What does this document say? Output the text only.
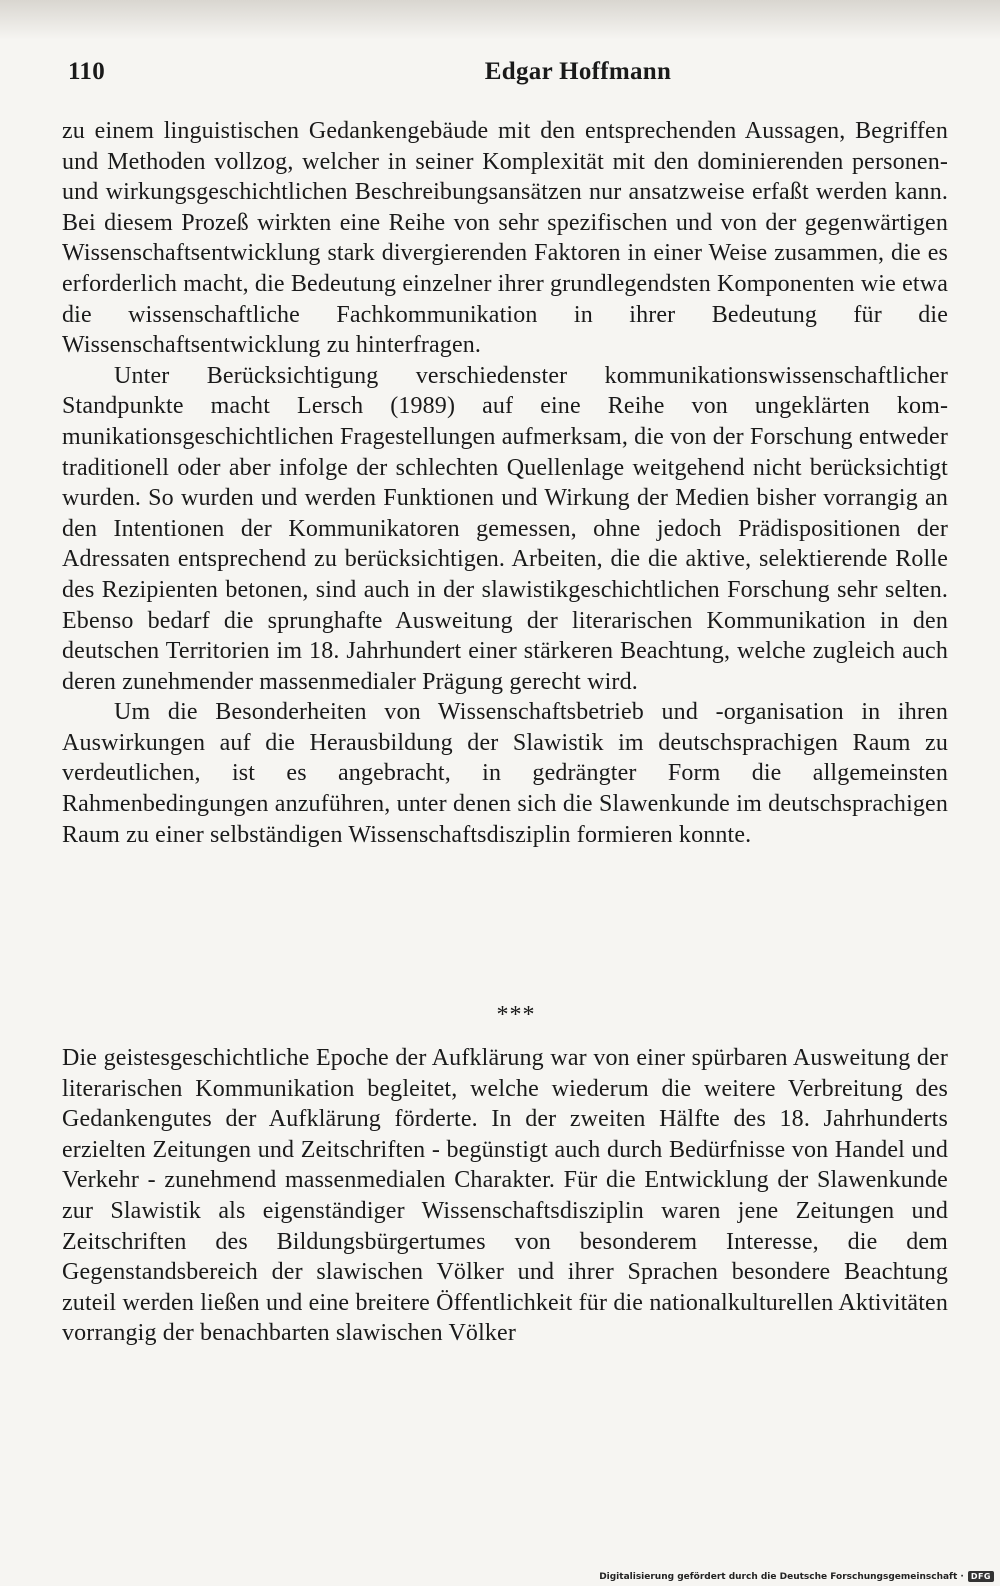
110	Edgar Hoffmann

zu einem linguistischen Gedankengebäude mit den entsprechenden Aussagen, Begriffen und Methoden vollzog, welcher in seiner Komplexität mit den dominierenden personen- und wirkungsgeschichtlichen Beschreibungsansätzen nur ansatzweise erfaßt werden kann. Bei diesem Prozeß wirkten eine Reihe von sehr spezifischen und von der gegenwärtigen Wissenschaftsentwicklung stark divergierenden Faktoren in einer Weise zusammen, die es erforderlich macht, die Bedeutung einzelner ihrer grundlegendsten Komponenten wie etwa die wissenschaftliche Fachkommunikation in ihrer Bedeutung für die Wissenschaftsentwicklung zu hinterfragen.

Unter Berücksichtigung verschiedenster kommunikationswissenschaftlicher Standpunkte macht Lersch (1989) auf eine Reihe von ungeklärten kommunikationsgeschichtlichen Fragestellungen aufmerksam, die von der Forschung entweder traditionell oder aber infolge der schlechten Quellenlage weitgehend nicht berücksichtigt wurden. So wurden und werden Funktionen und Wirkung der Medien bisher vorrangig an den Intentionen der Kommunikatoren gemessen, ohne jedoch Prädispositionen der Adressaten entsprechend zu berücksichtigen. Arbeiten, die die aktive, selektierende Rolle des Rezipienten betonen, sind auch in der slawistikgeschichtlichen Forschung sehr selten. Ebenso bedarf die sprunghafte Ausweitung der literarischen Kommunikation in den deutschen Territorien im 18. Jahrhundert einer stärkeren Beachtung, welche zugleich auch deren zunehmender massenmedialer Prägung gerecht wird.

Um die Besonderheiten von Wissenschaftsbetrieb und -organisation in ihren Auswirkungen auf die Herausbildung der Slawistik im deutschsprachigen Raum zu verdeutlichen, ist es angebracht, in gedrängter Form die allgemeinsten Rahmenbedingungen anzuführen, unter denen sich die Slawenkunde im deutschsprachigen Raum zu einer selbständigen Wissenschaftsdisziplin formieren konnte.

***

Die geistesgeschichtliche Epoche der Aufklärung war von einer spürbaren Ausweitung der literarischen Kommunikation begleitet, welche wiederum die weitere Verbreitung des Gedankengutes der Aufklärung förderte. In der zweiten Hälfte des 18. Jahrhunderts erzielten Zeitungen und Zeitschriften - begünstigt auch durch Bedürfnisse von Handel und Verkehr - zunehmend massenmedialen Charakter. Für die Entwicklung der Slawenkunde zur Slawistik als eigenständiger Wissenschaftsdisziplin waren jene Zeitungen und Zeitschriften des Bildungsbürgertumes von besonderem Interesse, die dem Gegenstandsbereich der slawischen Völker und ihrer Sprachen besondere Beachtung zuteil werden ließen und eine breitere Öffentlichkeit für die nationalkulturellen Aktivitäten vorrangig der benachbarten slawischen Völker

Digitalisierung gefördert durch die Deutsche Forschungsgemeinschaft · DFG
